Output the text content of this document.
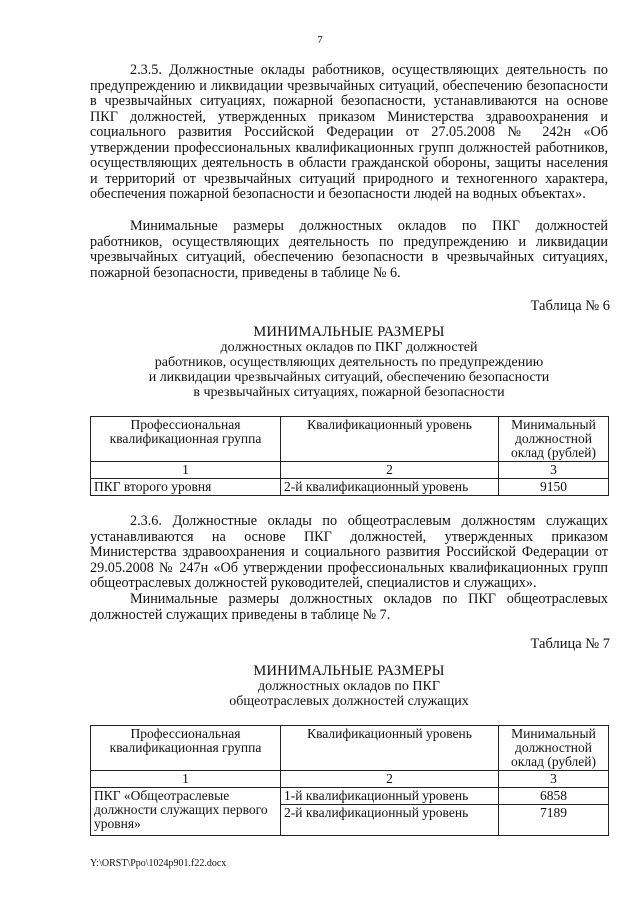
7

2.3.5. Должностные оклады работников, осуществляющих деятельность по предупреждению и ликвидации чрезвычайных ситуаций, обеспечению безопасности в чрезвычайных ситуациях, пожарной безопасности, устанавливаются на основе ПКГ должностей, утвержденных приказом Министерства здравоохранения и социального развития Российской Федерации от 27.05.2008 № 242н «Об утверждении профессиональных квалификационных групп должностей работников, осуществляющих деятельность в области гражданской обороны, защиты населения и территорий от чрезвычайных ситуаций природного и техногенного характера, обеспечения пожарной безопасности и безопасности людей на водных объектах».

Минимальные размеры должностных окладов по ПКГ должностей работников, осуществляющих деятельность по предупреждению и ликвидации чрезвычайных ситуаций, обеспечению безопасности в чрезвычайных ситуациях, пожарной безопасности, приведены в таблице № 6.

Таблица № 6
МИНИМАЛЬНЫЕ РАЗМЕРЫ
должностных окладов по ПКГ должностей
работников, осуществляющих деятельность по предупреждению
и ликвидации чрезвычайных ситуаций, обеспечению безопасности
в чрезвычайных ситуациях, пожарной безопасности
Профессиональная квалификационная группа	Квалификационный уровень	Минимальный должностной оклад (рублей)
1	2	3
ПКГ второго уровня	2-й квалификационный уровень	9150

2.3.6. Должностные оклады по общеотраслевым должностям служащих устанавливаются на основе ПКГ должностей, утвержденных приказом Министерства здравоохранения и социального развития Российской Федерации от 29.05.2008 № 247н «Об утверждении профессиональных квалификационных групп общеотраслевых должностей руководителей, специалистов и служащих».

Минимальные размеры должностных окладов по ПКГ общеотраслевых должностей служащих приведены в таблице № 7.

Таблица № 7
МИНИМАЛЬНЫЕ РАЗМЕРЫ
должностных окладов по ПКГ
общеотраслевых должностей служащих
Профессиональная квалификационная группа	Квалификационный уровень	Минимальный должностной оклад (рублей)
1	2	3
ПКГ «Общеотраслевые должности служащих первого уровня»	1-й квалификационный уровень	6858
	2-й квалификационный уровень	7189
Y:\ORST\Ppo\1024p901.f22.docx
